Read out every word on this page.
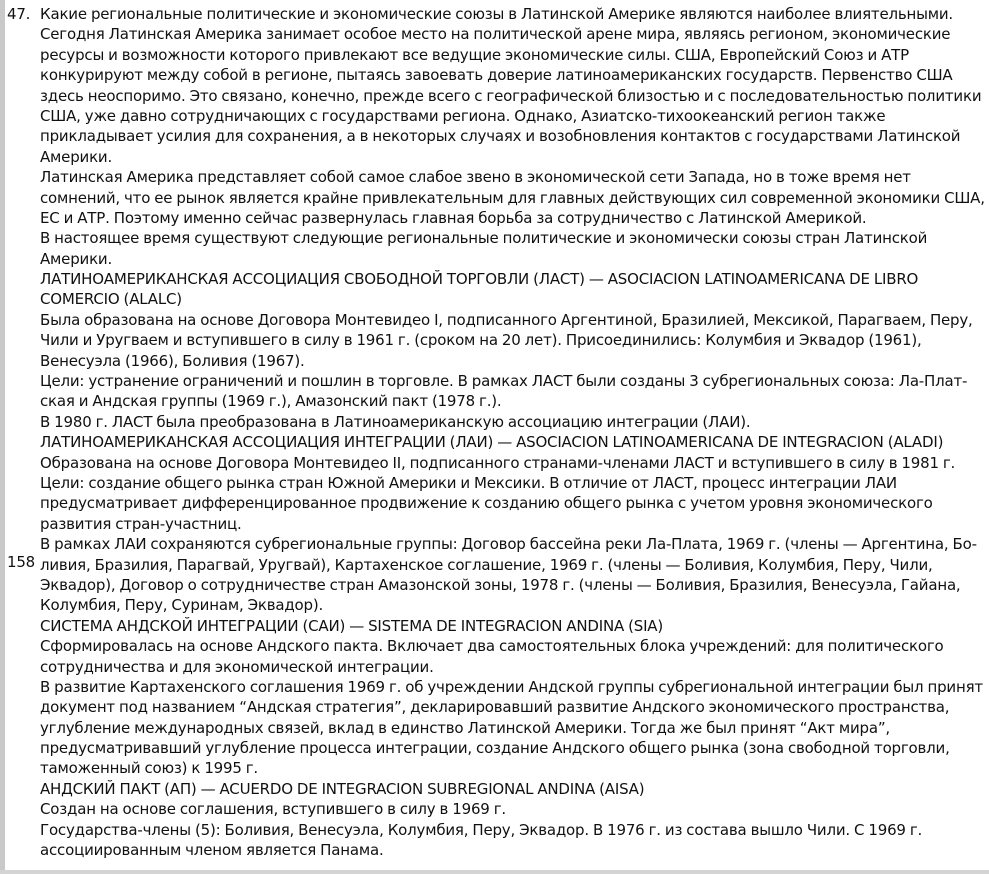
47.
158
Какие региональные политические и экономические союзы в Латинской Америке являются наиболее влиятельными.
Сегодня Латинская Америка занимает особое место на политической арене мира, являясь регионом, экономические
ресурсы и возможности которого привлекают все ведущие экономические силы. США, Европейский Союз и АТР
конкурируют между собой в регионе, пытаясь завоевать доверие латиноамериканских государств. Первенство США
здесь неоспоримо. Это связано, конечно, прежде всего с географической близостью и с последовательностью политики
США, уже давно сотрудничающих с государствами региона. Однако, Азиатско-тихоокеанский регион также
прикладывает усилия для сохранения, а в некоторых случаях и возобновления контактов с государствами Латинской
Америки.
Латинская Америка представляет собой самое слабое звено в экономической сети Запада, но в тоже время нет
сомнений, что ее рынок является крайне привлекательным для главных действующих сил современной экономики США,
ЕС и АТР. Поэтому именно сейчас развернулась главная борьба за сотрудничество с Латинской Америкой.
В настоящее время существуют следующие региональные политические и экономически союзы стран Латинской
Америки.
ЛАТИНОАМЕРИКАНСКАЯ АССОЦИАЦИЯ СВОБОДНОЙ ТОРГОВЛИ (ЛАСТ) — ASOCIACION LATINOAMERICANA DE LIBRO
COMERCIO (ALALC)
Была образована на основе Договора Монтевидео I, подписанного Аргентиной, Бразилией, Мексикой, Парагваем, Перу,
Чили и Уругваем и вступившего в силу в 1961 г. (сроком на 20 лет). Присоединились: Колумбия и Эквадор (1961),
Венесуэла (1966), Боливия (1967).
Цели: устранение ограничений и пошлин в торговле. В рамках ЛАСТ были созданы 3 субрегиональных союза: Ла-Плат-
ская и Андская группы (1969 г.), Амазонский пакт (1978 г.).
В 1980 г. ЛАСТ была преобразована в Латиноамериканскую ассоциацию интеграции (ЛАИ).
ЛАТИНОАМЕРИКАНСКАЯ АССОЦИАЦИЯ ИНТЕГРАЦИИ (ЛАИ) — ASOCIACION LATINOAMERICANA DE INTEGRACION (ALADI)
Образована на основе Договора Монтевидео II, подписанного странами-членами ЛАСТ и вступившего в силу в 1981 г.
Цели: создание общего рынка стран Южной Америки и Мексики. В отличие от ЛАСТ, процесс интеграции ЛАИ
предусматривает дифференцированное продвижение к созданию общего рынка с учетом уровня экономического
развития стран-участниц.
В рамках ЛАИ сохраняются субрегиональные группы: Договор бассейна реки Ла-Плата, 1969 г. (члены — Аргентина, Бо-
ливия, Бразилия, Парагвай, Уругвай), Картахенское соглашение, 1969 г. (члены — Боливия, Колумбия, Перу, Чили,
Эквадор), Договор о сотрудничестве стран Амазонской зоны, 1978 г. (члены — Боливия, Бразилия, Венесуэла, Гайана,
Колумбия, Перу, Суринам, Эквадор).
СИСТЕМА АНДСКОЙ ИНТЕГРАЦИИ (САИ) — SISTEMA DE INTEGRACION ANDINA (SIA)
Сформировалась на основе Андского пакта. Включает два самостоятельных блока учреждений: для политического
сотрудничества и для экономической интеграции.
В развитие Картахенского соглашения 1969 г. об учреждении Андской группы субрегиональной интеграции был принят
документ под названием “Андская стратегия”, декларировавший развитие Андского экономического пространства,
углубление международных связей, вклад в единство Латинской Америки. Тогда же был принят “Акт мира”,
предусматривавший углубление процесса интеграции, создание Андского общего рынка (зона свободной торговли,
таможенный союз) к 1995 г.
АНДСКИЙ ПАКТ (АП) — ACUERDO DE INTEGRACION SUBREGIONAL ANDINA (AISA)
Создан на основе соглашения, вступившего в силу в 1969 г.
Государства-члены (5): Боливия, Венесуэла, Колумбия, Перу, Эквадор. В 1976 г. из состава вышло Чили. С 1969 г.
ассоциированным членом является Панама.
